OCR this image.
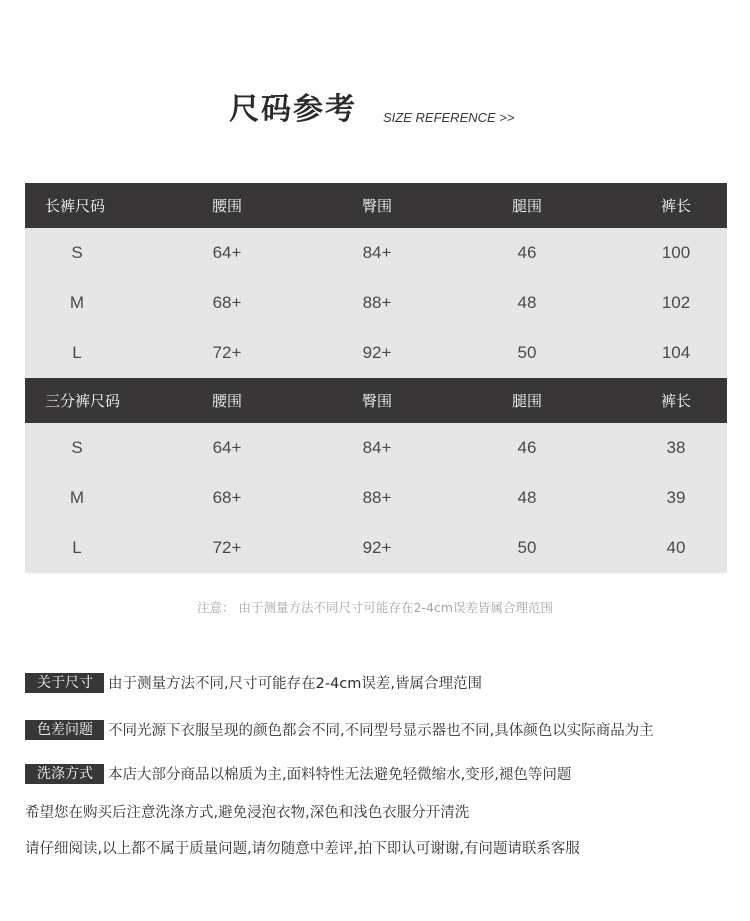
尺码参考 SIZE REFERENCE >>
长裤尺码	腰围	臀围	腿围	裤长
S	64+	84+	46	100
M	68+	88+	48	102
L	72+	92+	50	104
三分裤尺码	腰围	臀围	腿围	裤长
S	64+	84+	46	38
M	68+	88+	48	39
L	72+	92+	50	40
注意： 由于测量方法不同尺寸可能存在2-4cm误差皆属合理范围
关于尺寸	由于测量方法不同,尺寸可能存在2-4cm误差,皆属合理范围
色差问题	不同光源下衣服呈现的颜色都会不同,不同型号显示器也不同,具体颜色以实际商品为主
洗涤方式	本店大部分商品以棉质为主,面料特性无法避免轻微缩水,变形,褪色等问题
希望您在购买后注意洗涤方式,避免浸泡衣物,深色和浅色衣服分开清洗
请仔细阅读,以上都不属于质量问题,请勿随意中差评,拍下即认可谢谢,有问题请联系客服
